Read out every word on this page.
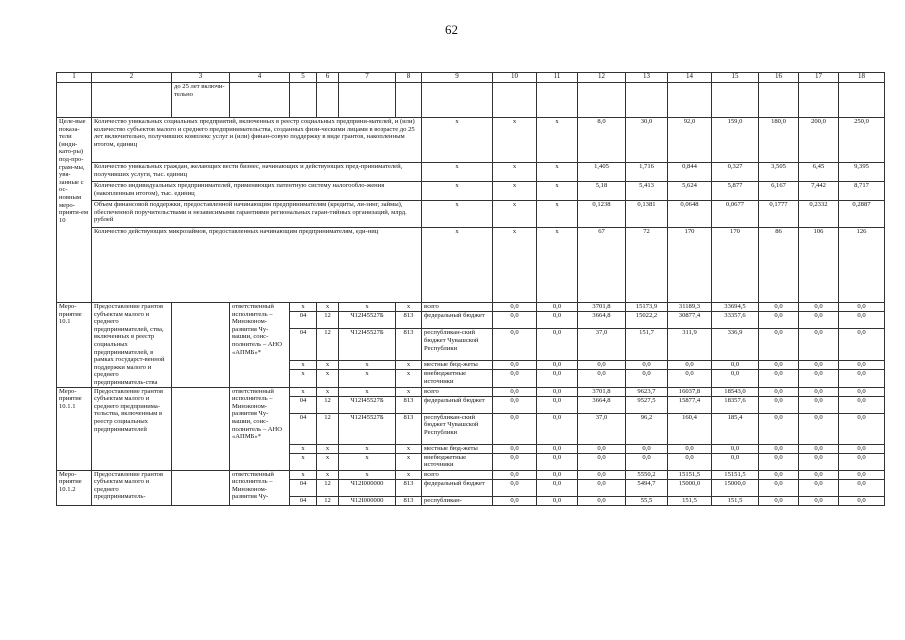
62
1	2	3	4	5	6	7	8	9	10	11	12	13	14	15	16	17	18
		до 25 лет включи-тельно															
Целе-вые показа-тели (инди-като-ры) под-про-грам-мы, увя-занные с ос-новным меро-прияти-ем 10	Количество уникальных социальных предприятий, включенных в реестр социальных предприни-мателей, и (или) количество субъектов малого и среднего предпринимательства, созданных физи-ческими лицами в возрасте до 25 лет включительно, получивших комплекс услуг и (или) финан-совую поддержку в виде грантов, накопленным итогом, единиц							x	x	x	8,0	30,0	92,0	159,0	180,0	200,0	250,0
	Количество уникальных граждан, желающих вести бизнес, начинающих и действующих пред-принимателей, получивших услуги, тыс. единиц							x	x	x	1,405	1,716	0,844	0,327	3,505	6,45	9,395
	Количество индивидуальных предпринимателей, применяющих патентную систему налогообло-жения (накопленным итогом), тыс. единиц							x	x	x	5,18	5,413	5,624	5,877	6,167	7,442	8,717
	Объем финансовой поддержки, предоставленной начинающим предпринимателям (кредиты, ли-зинг, займы), обеспеченной поручительствами и независимыми гарантиями региональных гаран-тийных организаций, млрд. рублей							x	x	x	0,1238	0,1381	0,0648	0,0677	0,1777	0,2332	0,2887
	Количество действующих микрозаймов, предоставленных начинающим предпринимателям, еди-ниц							x	x	x	67	72	170	170	86	106	126
Меро-приятие 10.1	Предоставление грантов субъектам малого и среднего предпринимателей, ства, включенных в реестр социальных предпринимателей, в рамках государст-венной поддержки малого и среднего предприниматель-ства		ответственный исполнитель – Минэконом-развития Чу-вашии, соис-полнитель – АНО «АПМБ»*	x	x	x	x	всего	0,0	0,0	3701,8	15173,9	31189,3	33694,5	0,0	0,0	0,0
				04	12	Ч12I45527Б	813	федеральный бюджет	0,0	0,0	3664,8	15022,2	30877,4	33357,6	0,0	0,0	0,0
				04	12	Ч12I45527Б	813	республикан-ский бюджет Чувашской Республики	0,0	0,0	37,0	151,7	311,9	336,9	0,0	0,0	0,0
				x	x	x	x	местные бюд-жеты	0,0	0,0	0,0	0,0	0,0	0,0	0,0	0,0	0,0
				x	x	x	x	внебюджетные источники	0,0	0,0	0,0	0,0	0,0	0,0	0,0	0,0	0,0
Меро-приятие 10.1.1	Предоставление грантов субъектам малого и среднего предпринима-тельства, включенным в реестр социальных предпринимателей		ответственный исполнитель – Минэконом-развития Чу-вашии, соис-полнитель – АНО «АПМБ»*	x	x	x	x	всего	0,0	0,0	3701,8	9623,7	16037,8	18543,0	0,0	0,0	0,0
				04	12	Ч12I45527Б	813	федеральный бюджет	0,0	0,0	3664,8	9527,5	15877,4	18357,6	0,0	0,0	0,0
				04	12	Ч12I45527Б	813	республикан-ский бюджет Чувашской Республики	0,0	0,0	37,0	96,2	160,4	185,4	0,0	0,0	0,0
				x	x	x	x	местные бюд-жеты	0,0	0,0	0,0	0,0	0,0	0,0	0,0	0,0	0,0
				x	x	x	x	внебюджетные источники	0,0	0,0	0,0	0,0	0,0	0,0	0,0	0,0	0,0
Меро-приятие 10.1.2	Предоставление грантов субъектам малого и среднего предприниматель-		ответственный исполнитель – Минэконом-развития Чу-	x	x	x	x	всего	0,0	0,0	0,0	5550,2	15151,5	15151,5	0,0	0,0	0,0
				04	12	Ч12I000000	813	федеральный бюджет	0,0	0,0	0,0	5494,7	15000,0	15000,0	0,0	0,0	0,0
				04	12	Ч12I000000	813	республикан-	0,0	0,0	0,0	55,5	151,5	151,5	0,0	0,0	0,0
